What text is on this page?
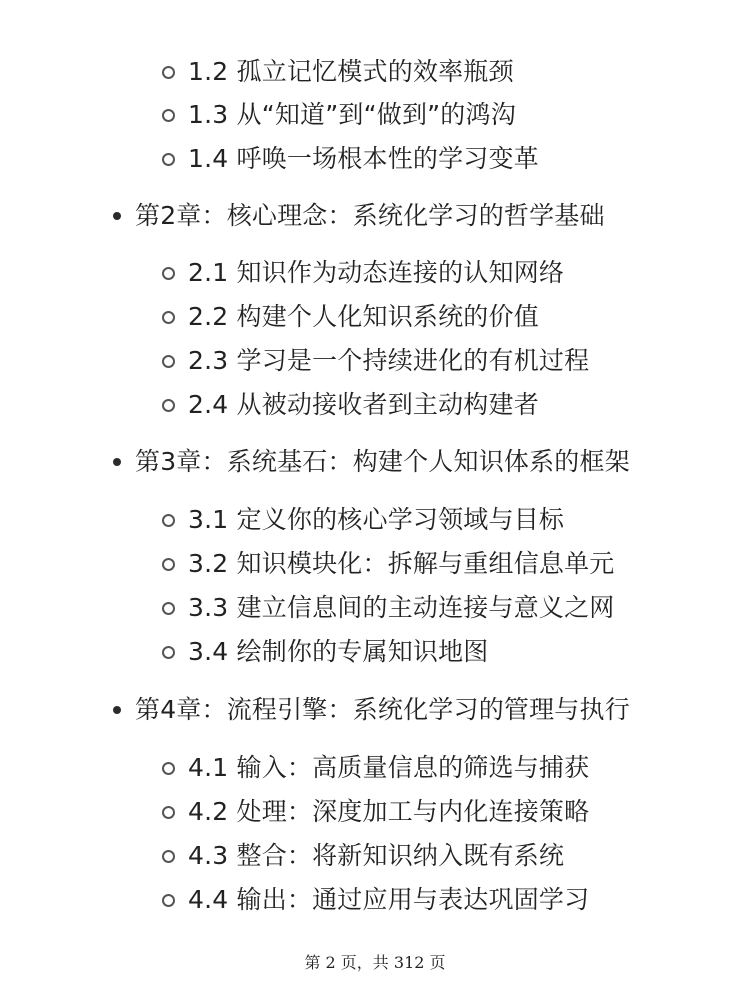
1.2 孤立记忆模式的效率瓶颈
1.3 从“知道”到“做到”的鸿沟
1.4 呼唤一场根本性的学习变革
第2章：核心理念：系统化学习的哲学基础
2.1 知识作为动态连接的认知网络
2.2 构建个人化知识系统的价值
2.3 学习是一个持续进化的有机过程
2.4 从被动接收者到主动构建者
第3章：系统基石：构建个人知识体系的框架
3.1 定义你的核心学习领域与目标
3.2 知识模块化：拆解与重组信息单元
3.3 建立信息间的主动连接与意义之网
3.4 绘制你的专属知识地图
第4章：流程引擎：系统化学习的管理与执行
4.1 输入：高质量信息的筛选与捕获
4.2 处理：深度加工与内化连接策略
4.3 整合：将新知识纳入既有系统
4.4 输出：通过应用与表达巩固学习
第 2 页，共 312 页
